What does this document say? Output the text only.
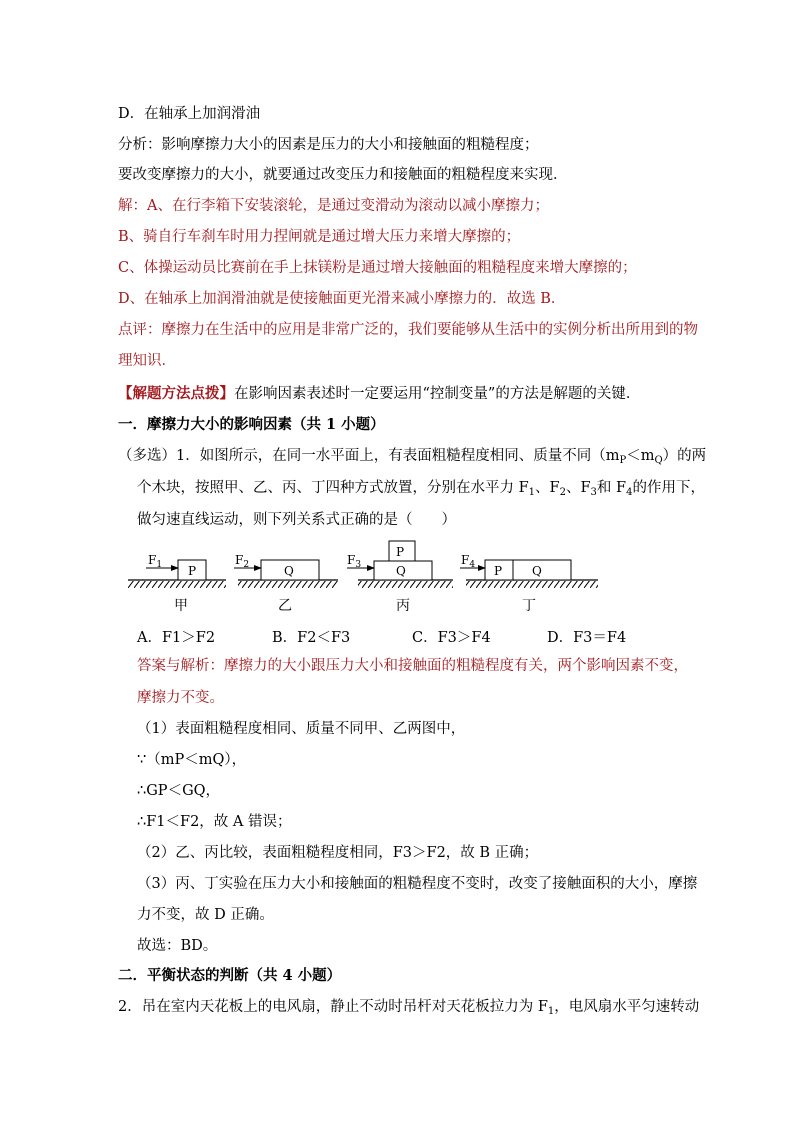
D．在轴承上加润滑油
分析：影响摩擦力大小的因素是压力的大小和接触面的粗糙程度；
要改变摩擦力的大小，就要通过改变压力和接触面的粗糙程度来实现．
解：A、在行李箱下安装滚轮，是通过变滑动为滚动以减小摩擦力；
B、骑自行车刹车时用力捏闸就是通过增大压力来增大摩擦的；
C、体操运动员比赛前在手上抹镁粉是通过增大接触面的粗糙程度来增大摩擦的；
D、在轴承上加润滑油就是使接触面更光滑来减小摩擦力的．故选 B．
点评：摩擦力在生活中的应用是非常广泛的，我们要能够从生活中的实例分析出所用到的物
理知识．
【解题方法点拨】在影响因素表述时一定要运用“控制变量”的方法是解题的关键．
一．摩擦力大小的影响因素（共 1 小题）
（多选）1．如图所示，在同一水平面上，有表面粗糙程度相同、质量不同$(m_P<m_Q)$的两
个木块，按照甲、乙、丙、丁四种方式放置，分别在水平力 $F_1$、$F_2$、$F_3$和 $F_4$的作用下，
做匀速直线运动，则下列关系式正确的是（　　）
P
$F_1$
甲
Q
$F_2$
乙
Q
P
$F_3$
丙
P Q
$F_4$
丁
A．F1＞F2	B．F2＜F3	C．F3＞F4	D．F3＝F4
答案与解析：摩擦力的大小跟压力大小和接触面的粗糙程度有关，两个影响因素不变，
摩擦力不变。
（1）表面粗糙程度相同、质量不同甲、乙两图中，
∵（mP＜mQ），
∴GP＜GQ，
∴F1＜F2，故 A 错误；
（2）乙、丙比较，表面粗糙程度相同，F3＞F2，故 B 正确；
（3）丙、丁实验在压力大小和接触面的粗糙程度不变时，改变了接触面积的大小，摩擦
力不变，故 D 正确。
故选：BD。
二．平衡状态的判断（共 4 小题）
2．吊在室内天花板上的电风扇，静止不动时吊杆对天花板拉力为 $F_1$，电风扇水平匀速转动
